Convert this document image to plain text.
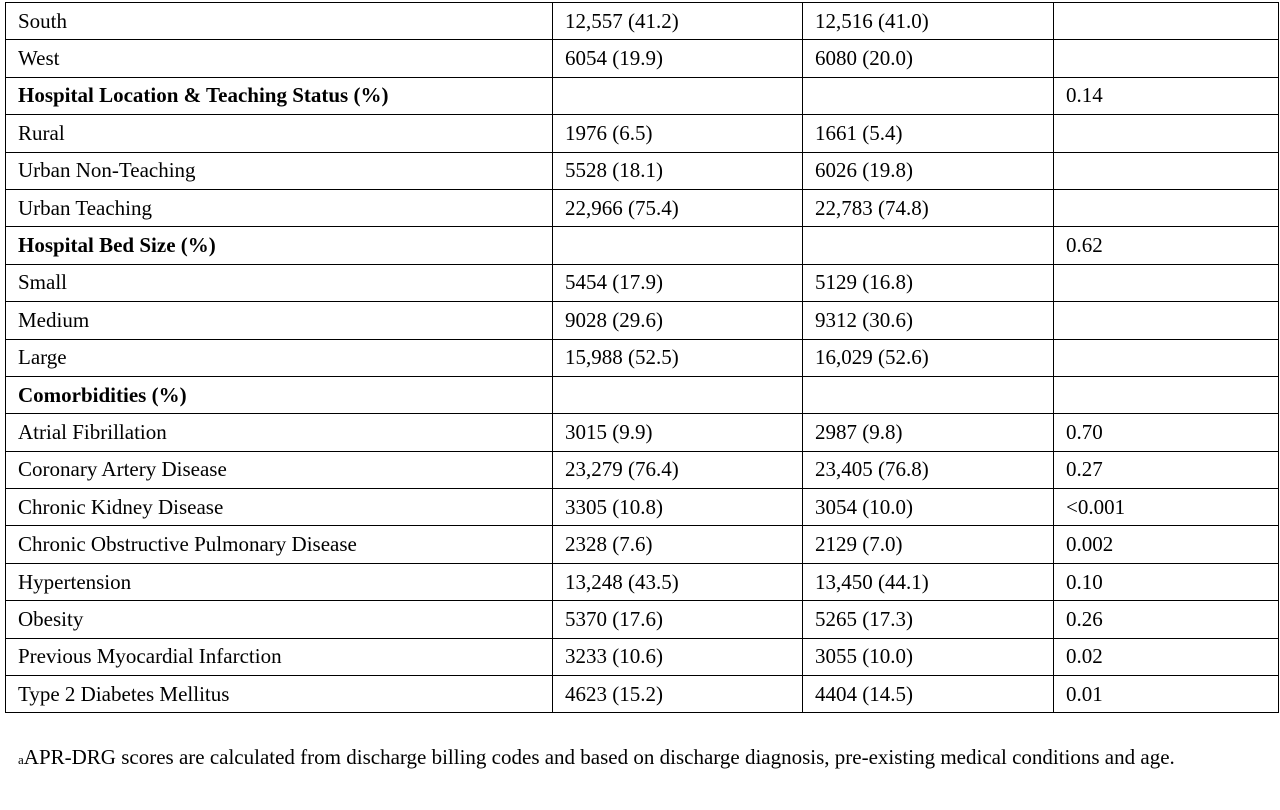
South	12,557 (41.2)	12,516 (41.0)	
West	6054 (19.9)	6080 (20.0)	
Hospital Location & Teaching Status (%)			0.14
Rural	1976 (6.5)	1661 (5.4)	
Urban Non-Teaching	5528 (18.1)	6026 (19.8)	
Urban Teaching	22,966 (75.4)	22,783 (74.8)	
Hospital Bed Size (%)			0.62
Small	5454 (17.9)	5129 (16.8)	
Medium	9028 (29.6)	9312 (30.6)	
Large	15,988 (52.5)	16,029 (52.6)	
Comorbidities (%)			
Atrial Fibrillation	3015 (9.9)	2987 (9.8)	0.70
Coronary Artery Disease	23,279 (76.4)	23,405 (76.8)	0.27
Chronic Kidney Disease	3305 (10.8)	3054 (10.0)	<0.001
Chronic Obstructive Pulmonary Disease	2328 (7.6)	2129 (7.0)	0.002
Hypertension	13,248 (43.5)	13,450 (44.1)	0.10
Obesity	5370 (17.6)	5265 (17.3)	0.26
Previous Myocardial Infarction	3233 (10.6)	3055 (10.0)	0.02
Type 2 Diabetes Mellitus	4623 (15.2)	4404 (14.5)	0.01
$^a$APR-DRG scores are calculated from discharge billing codes and based on discharge diagnosis, pre-existing medical conditions and age.
